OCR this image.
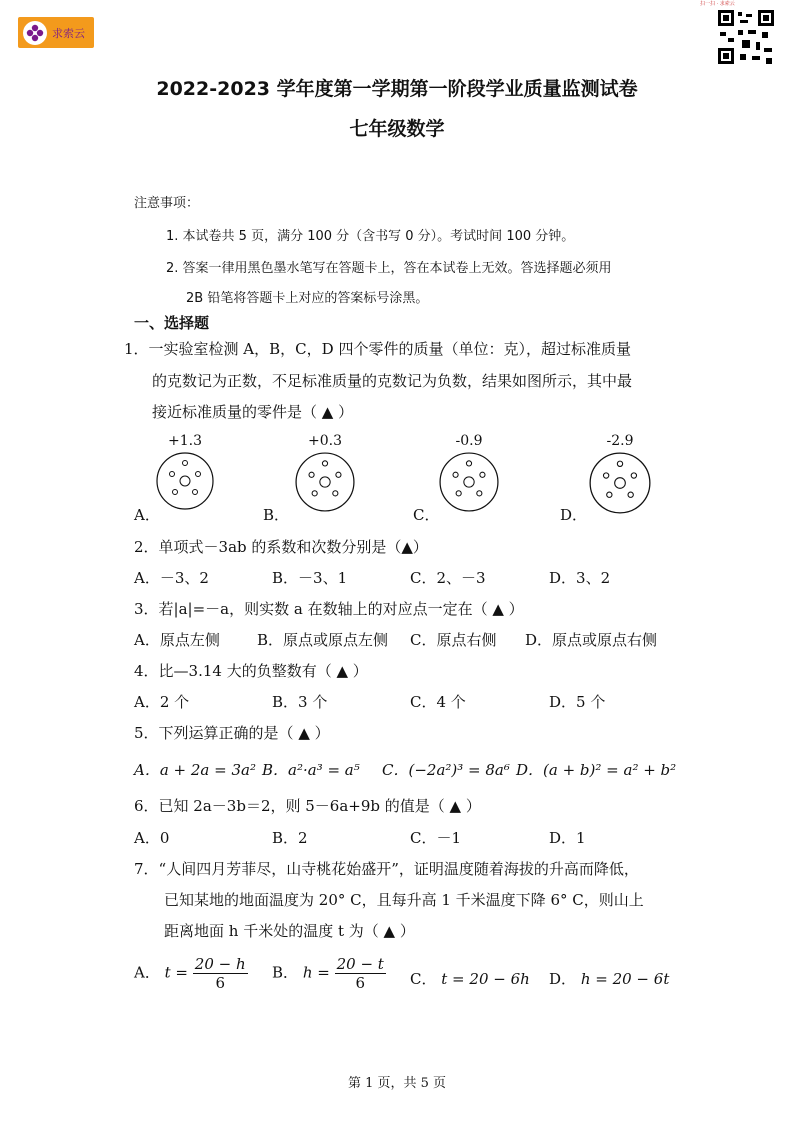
求索云
扫一扫 · 求索云
2022-2023 学年度第一学期第一阶段学业质量监测试卷
七年级数学
注意事项：
1. 本试卷共 5 页，满分 100 分（含书写 0 分）。考试时间 100 分钟。
2. 答案一律用黑色墨水笔写在答题卡上，答在本试卷上无效。答选择题必须用
2B 铅笔将答题卡上对应的答案标号涂黑。
一、选择题
1．一实验室检测 A，B，C，D 四个零件的质量（单位：克），超过标准质量
的克数记为正数，不足标准质量的克数记为负数，结果如图所示，其中最
接近标准质量的零件是（ ▲ ）
+1.3	+0.3	-0.9	-2.9
A．	B．	C．	D．
2．单项式－3ab 的系数和次数分别是（▲）
A．－3、2	B．－3、1	C．2、－3	D．3、2
3．若|a|=－a，则实数 a 在数轴上的对应点一定在（ ▲ ）
A．原点左侧 B．原点或原点左侧 C．原点右侧 D．原点或原点右侧
4．比—3.14 大的负整数有（ ▲ ）
A．2 个	B．3 个	C．4 个	D．5 个
5．下列运算正确的是（ ▲ ）
A．a + 2a = 3a² B．a²·a³ = a⁵ C．(−2a²)³ = 8a⁶ D．(a + b)² = a² + b²
6．已知 2a－3b＝2，则 5－6a+9b 的值是（ ▲ ）
A．0	B．2	C．－1	D．1
7．“人间四月芳菲尽，山寺桃花始盛开”，证明温度随着海拔的升高而降低，
已知某地的地面温度为 20° C，且每升高 1 千米温度下降 6° C，则山上
距离地面 h 千米处的温度 t 为（ ▲ ）
A． $t = \frac{20 - h}{6}$ B． $h = \frac{20 - t}{6}$ C． t = 20 − 6h D． h = 20 − 6t
第 1 页，共 5 页
